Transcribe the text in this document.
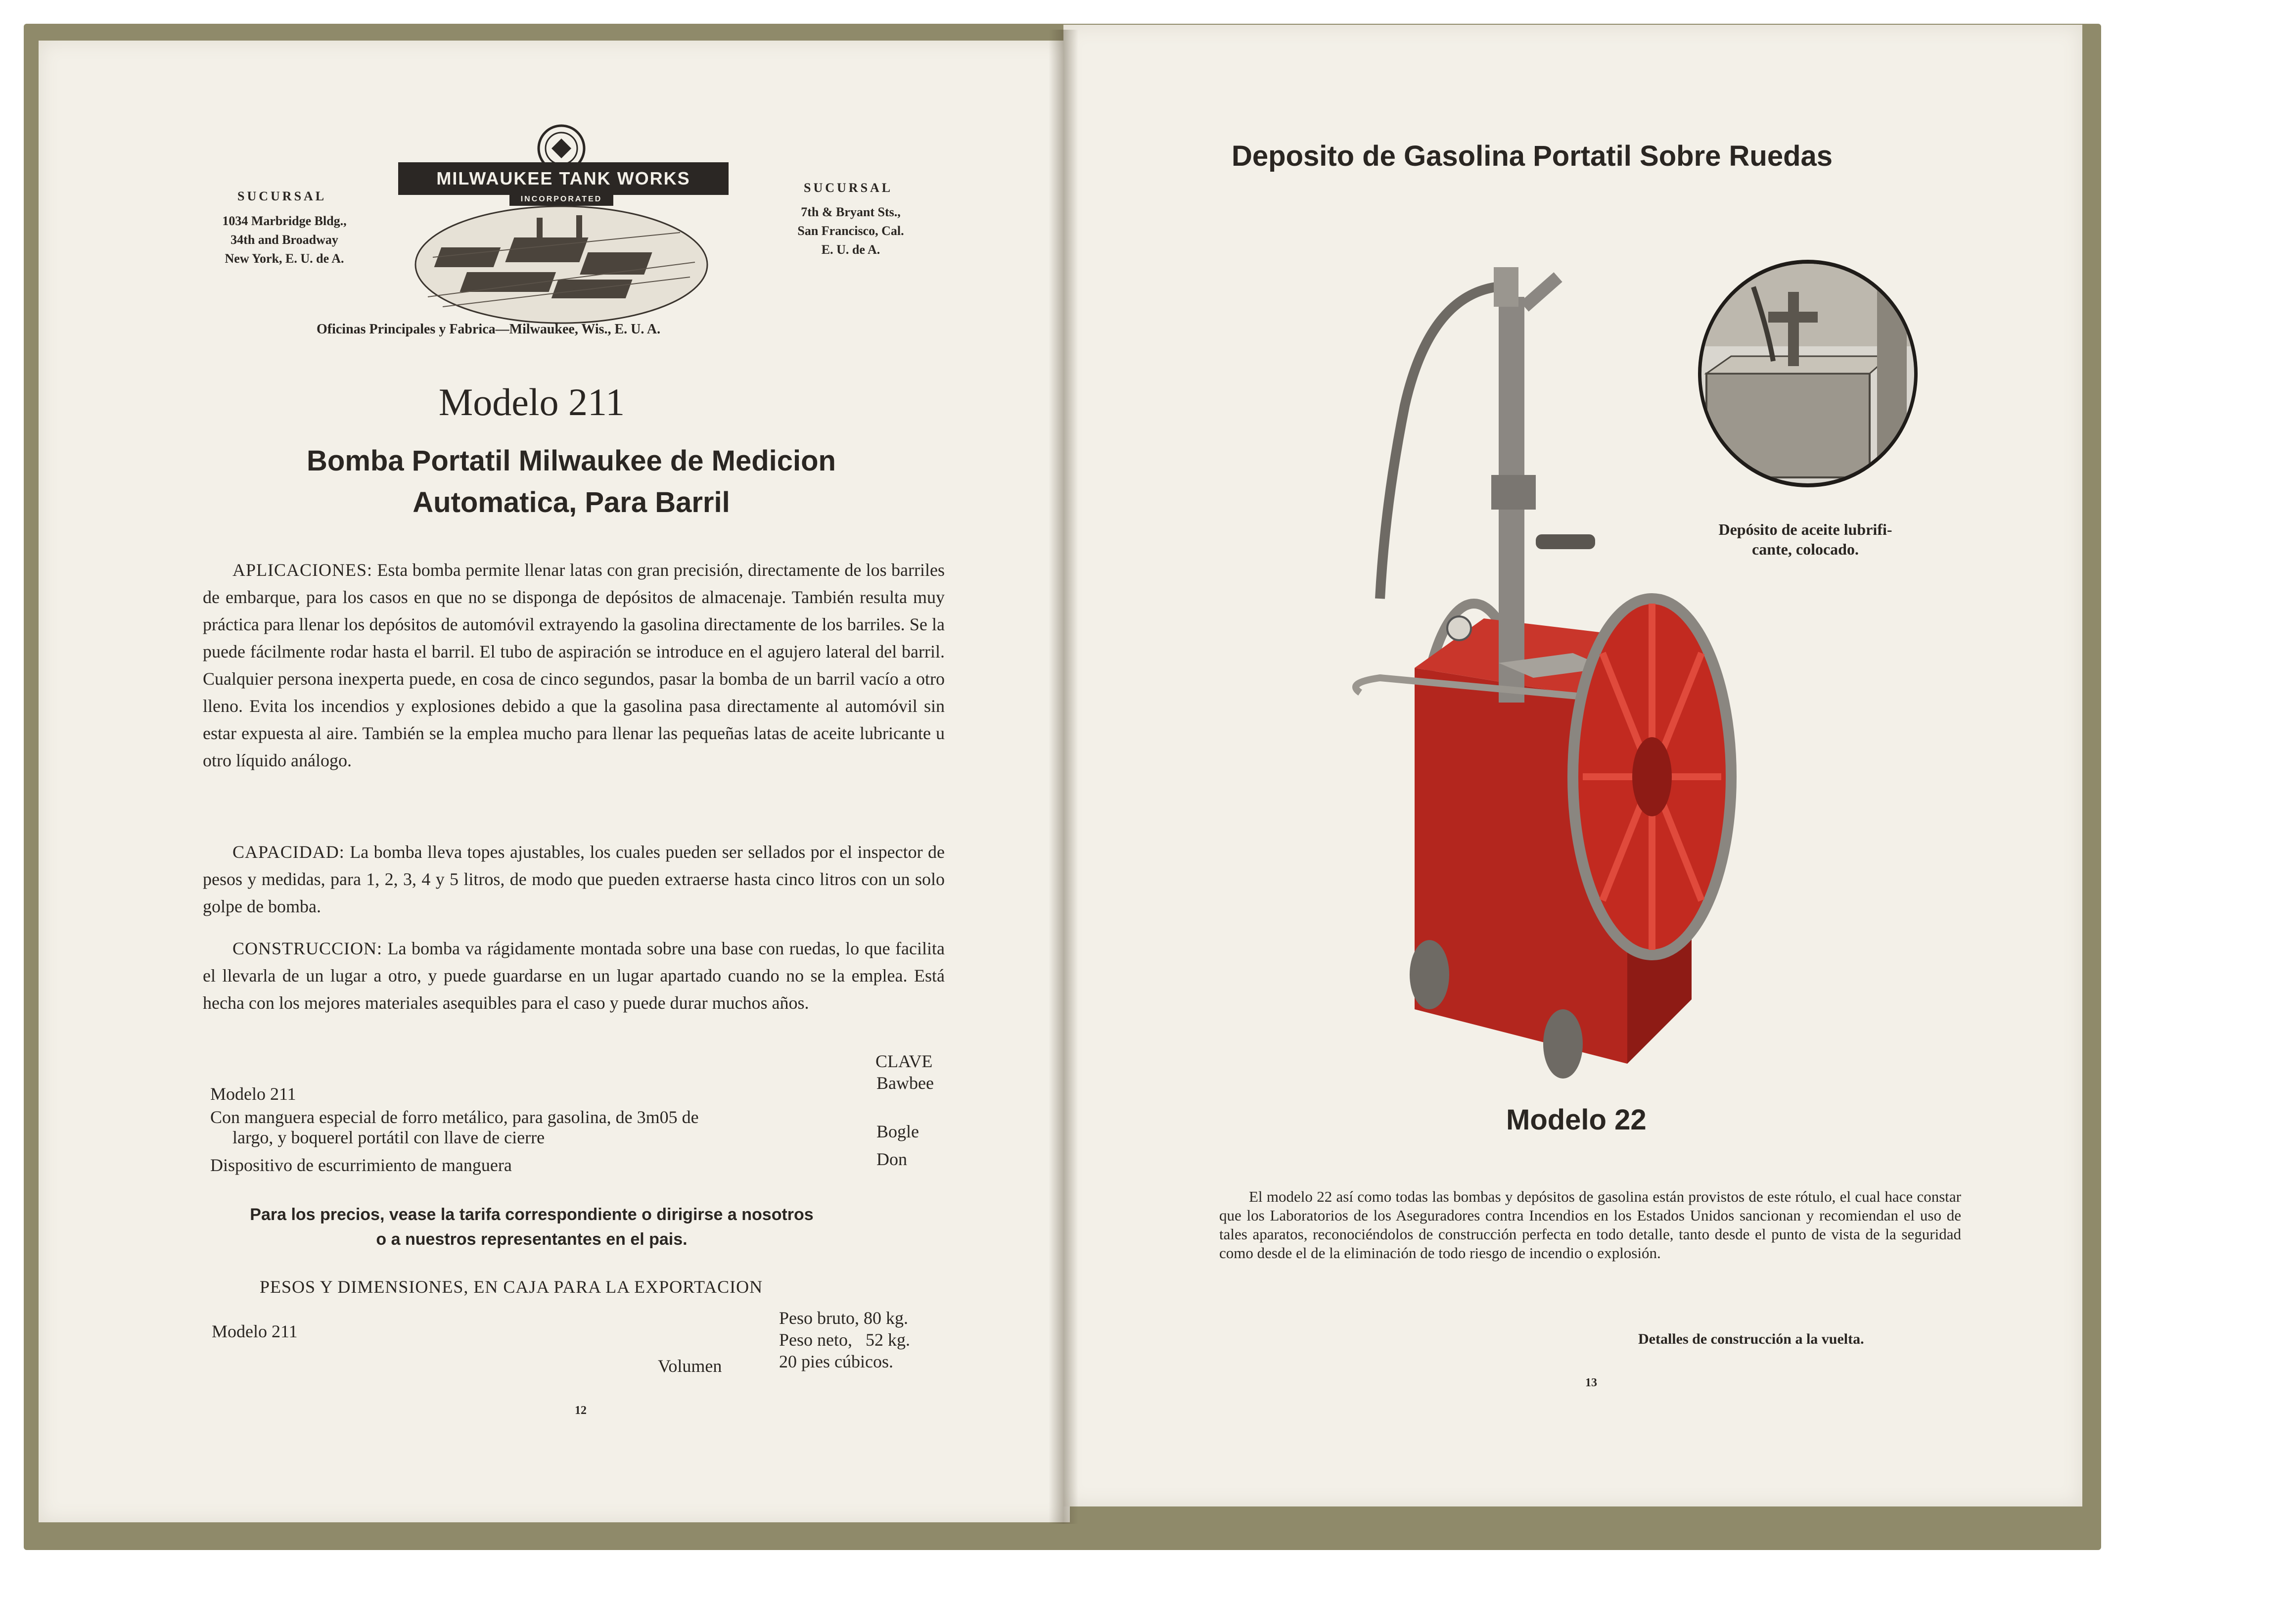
SUCURSAL
1034 Marbridge Bldg.,
34th and Broadway
New York, E. U. de A.
MILWAUKEE TANK WORKS
INCORPORATED
SUCURSAL
7th & Bryant Sts.,
San Francisco, Cal.
E. U. de A.
Oficinas Principales y Fabrica—Milwaukee, Wis., E. U. A.
Modelo 211
Bomba Portatil Milwaukee de Medicion
Automatica, Para Barril

APLICACIONES: Esta bomba permite llenar latas con gran precisión, directamente de los barriles de embarque, para los casos en que no se disponga de depósitos de almacenaje. También resulta muy práctica para llenar los depósitos de automóvil extrayendo la gasolina directamente de los barriles. Se la puede fácilmente rodar hasta el barril. El tubo de aspiración se introduce en el agujero lateral del barril. Cualquier persona inexperta puede, en cosa de cinco segundos, pasar la bomba de un barril vacío a otro lleno. Evita los incendios y explosiones debido a que la gasolina pasa directamente al automóvil sin estar expuesta al aire. También se la emplea mucho para llenar las pequeñas latas de aceite lubricante u otro líquido análogo.

CAPACIDAD: La bomba lleva topes ajustables, los cuales pueden ser sellados por el inspector de pesos y medidas, para 1, 2, 3, 4 y 5 litros, de modo que pueden extraerse hasta cinco litros con un solo golpe de bomba.

CONSTRUCCION: La bomba va rágidamente montada sobre una base con ruedas, lo que facilita el llevarla de un lugar a otro, y puede guardarse en un lugar apartado cuando no se la emplea. Está hecha con los mejores materiales asequibles para el caso y puede durar muchos años.

CLAVE
Modelo 211
Bawbee
Con manguera especial de forro metálico, para gasolina, de 3m05 de
largo, y boquerel portátil con llave de cierre	Bogle
Dispositivo de escurrimiento de manguera	Don
Para los precios, vease la tarifa correspondiente o dirigirse a nosotros
o a nuestros representantes en el pais.
PESOS Y DIMENSIONES, EN CAJA PARA LA EXPORTACION
Modelo 211
Peso bruto, 80 kg.
Peso neto,   52 kg.
20 pies cúbicos.
Volumen
12
Deposito de Gasolina Portatil Sobre Ruedas
Depósito de aceite lubrifi-
cante, colocado.
Modelo 22

El modelo 22 así como todas las bombas y depósitos de gasolina están provistos de este rótulo, el cual hace constar que los Laboratorios de los Aseguradores contra Incendios en los Estados Unidos sancionan y recomiendan el uso de tales aparatos, reconociéndolos de construcción perfecta en todo detalle, tanto desde el punto de vista de la seguridad como desde el de la eliminación de todo riesgo de incendio o explosión.

Detalles de construcción a la vuelta.
13
